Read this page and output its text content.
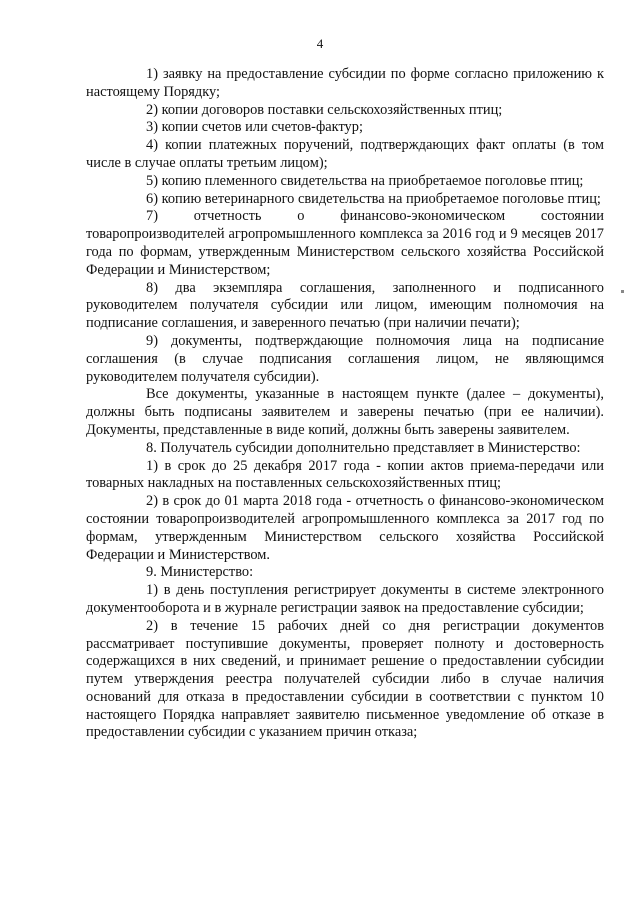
4

1) заявку на предоставление субсидии по форме согласно приложению к настоящему Порядку;

2) копии договоров поставки сельскохозяйственных птиц;

3) копии счетов или счетов-фактур;

4) копии платежных поручений, подтверждающих факт оплаты (в том числе в случае оплаты третьим лицом);

5) копию племенного свидетельства на приобретаемое поголовье птиц;

6) копию ветеринарного свидетельства на приобретаемое поголовье птиц;

7) отчетность о финансово-экономическом состоянии товаропроизводителей агропромышленного комплекса за 2016 год и 9 месяцев 2017 года по формам, утвержденным Министерством сельского хозяйства Российской Федерации и Министерством;

8) два экземпляра соглашения, заполненного и подписанного руководителем получателя субсидии или лицом, имеющим полномочия на подписание соглашения, и заверенного печатью (при наличии печати);

9) документы, подтверждающие полномочия лица на подписание соглашения (в случае подписания соглашения лицом, не являющимся руководителем получателя субсидии).

Все документы, указанные в настоящем пункте (далее – документы), должны быть подписаны заявителем и заверены печатью (при ее наличии). Документы, представленные в виде копий, должны быть заверены заявителем.

8. Получатель субсидии дополнительно представляет в Министерство:

1) в срок до 25 декабря 2017 года - копии актов приема-передачи или товарных накладных на поставленных сельскохозяйственных птиц;

2) в срок до 01 марта 2018 года - отчетность о финансово-экономическом состоянии товаропроизводителей агропромышленного комплекса за 2017 год по формам, утвержденным Министерством сельского хозяйства Российской Федерации и Министерством.

9. Министерство:

1) в день поступления регистрирует документы в системе электронного документооборота и в журнале регистрации заявок на предоставление субсидии;

2) в течение 15 рабочих дней со дня регистрации документов рассматривает поступившие документы, проверяет полноту и достоверность содержащихся в них сведений, и принимает решение о предоставлении субсидии путем утверждения реестра получателей субсидии либо в случае наличия оснований для отказа в предоставлении субсидии в соответствии с пунктом 10 настоящего Порядка направляет заявителю письменное уведомление об отказе в предоставлении субсидии с указанием причин отказа;
